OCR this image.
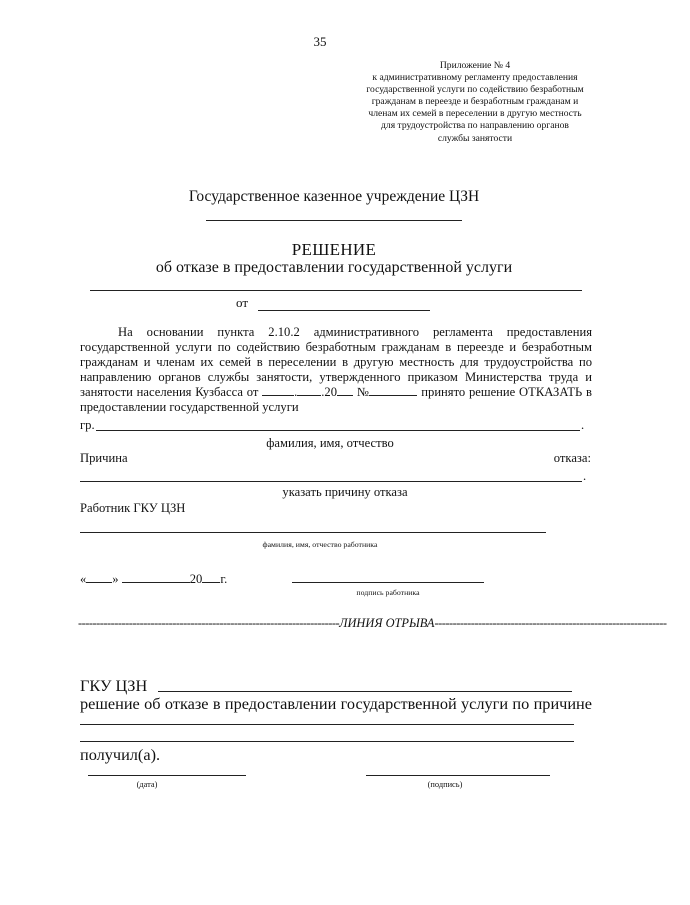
35
Приложение № 4
к административному регламенту предоставления
государственной услуги по содействию безработным
гражданам в переезде и безработным гражданам и
членам их семей в переселении в другую местность
для трудоустройства по направлению органов
службы занятости
Государственное казенное учреждение ЦЗН
РЕШЕНИЕ
об отказе в предоставлении государственной услуги
от
На основании пункта 2.10.2 административного регламента предоставления государственной услуги по содействию безработным гражданам в переезде и безработным гражданам и членам их семей в переселении в другую местность для трудоустройства по направлению органов службы занятости, утвержденного приказом Министерства труда и занятости населения Кузбасса от	. .20 №	принято решение ОТКАЗАТЬ в предоставлении государственной услуги
гр.	.
фамилия, имя, отчество
Причина	отказа:
.
указать причину отказа
Работник ГКУ ЦЗН
фамилия, имя, отчество работника
« »	20 г.
подпись работника
------------------------------------------------------------------------ЛИНИЯ ОТРЫВА----------------------------------------------------------------
ГКУ ЦЗН
решение об отказе в предоставлении государственной услуги по причине
получил(а).
(дата)	(подпись)
